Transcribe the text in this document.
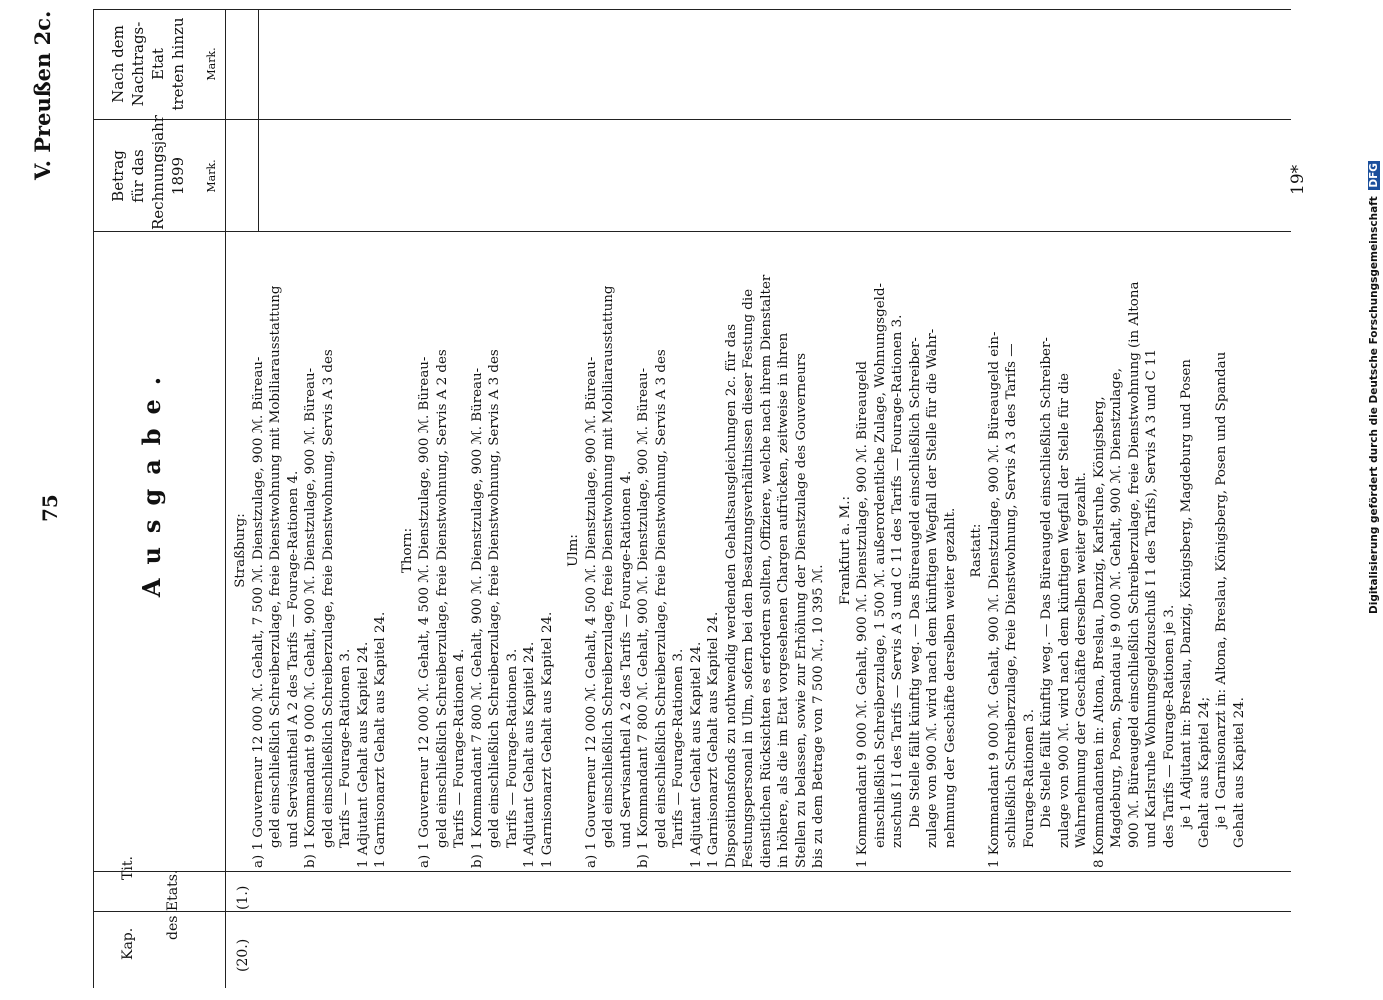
75
V. Preußen 2c.
Kap.
Tit.
des Etats.
Ausgabe.
Betrag für das Rechnungsjahr 1899 Mark.
Nach dem Nachtrags-Etat treten hinzu Mark.
(20.)
(1.)

Straßburg: a) 1 Gouverneur 12 000 ℳ. Gehalt, 7 500 ℳ. Dienstzulage, 900 ℳ. Büreau- geld einschließlich Schreiberzulage, freie Dienstwohnung mit Mobiliarausstattung und Servisantheil A 2 des Tarifs — Fourage-Rationen 4. b) 1 Kommandant 9 000 ℳ. Gehalt, 900 ℳ. Dienstzulage, 900 ℳ. Büreau- geld einschließlich Schreiberzulage, freie Dienstwohnung, Servis A 3 des Tarifs — Fourage-Rationen 3. 1 Adjutant Gehalt aus Kapitel 24. 1 Garnisonarzt Gehalt aus Kapitel 24.

Thorn: a) 1 Gouverneur 12 000 ℳ. Gehalt, 4 500 ℳ. Dienstzulage, 900 ℳ. Büreau- geld einschließlich Schreiberzulage, freie Dienstwohnung, Servis A 2 des Tarifs — Fourage-Rationen 4. b) 1 Kommandant 7 800 ℳ. Gehalt, 900 ℳ. Dienstzulage, 900 ℳ. Büreau- geld einschließlich Schreiberzulage, freie Dienstwohnung, Servis A 3 des Tarifs — Fourage-Rationen 3. 1 Adjutant Gehalt aus Kapitel 24. 1 Garnisonarzt Gehalt aus Kapitel 24.

Ulm: a) 1 Gouverneur 12 000 ℳ. Gehalt, 4 500 ℳ. Dienstzulage, 900 ℳ. Büreau- geld einschließlich Schreiberzulage, freie Dienstwohnung mit Mobiliarausstattung und Servisantheil A 2 des Tarifs — Fourage-Rationen 4. b) 1 Kommandant 7 800 ℳ. Gehalt, 900 ℳ. Dienstzulage, 900 ℳ. Büreau- geld einschließlich Schreiberzulage, freie Dienstwohnung, Servis A 3 des Tarifs — Fourage-Rationen 3. 1 Adjutant Gehalt aus Kapitel 24. 1 Garnisonarzt Gehalt aus Kapitel 24. Dispositionsfonds zu nothwendig werdenden Gehaltsausgleichungen 2c. für das Festungspersonal in Ulm, sofern bei den Besatzungsverhältnissen dieser Festung die dienstlichen Rücksichten es erfordern sollten, Offiziere, welche nach ihrem Dienstalter in höhere, als die im Etat vorgesehenen Chargen aufrücken, zeitweise in ihren Stellen zu belassen, sowie zur Erhöhung der Dienstzulage des Gouverneurs bis zu dem Betrage von 7 500 ℳ., 10 395 ℳ.

Frankfurt a. M.: 1 Kommandant 9 000 ℳ. Gehalt, 900 ℳ. Dienstzulage, 900 ℳ. Büreaugeld einschließlich Schreiberzulage, 1 500 ℳ. außerordentliche Zulage, Wohnungsgeld- zuschuß I I des Tarifs — Servis A 3 und C 11 des Tarifs — Fourage-Rationen 3. Die Stelle fällt künftig weg. — Das Büreaugeld einschließlich Schreiber- zulage von 900 ℳ. wird nach dem künftigen Wegfall der Stelle für die Wahr- nehmung der Geschäfte derselben weiter gezahlt. Rastatt: 1 Kommandant 9 000 ℳ. Gehalt, 900 ℳ. Dienstzulage, 900 ℳ. Büreaugeld ein- schließlich Schreiberzulage, freie Dienstwohnung, Servis A 3 des Tarifs — Fourage-Rationen 3. Die Stelle fällt künftig weg. — Das Büreaugeld einschließlich Schreiber- zulage von 900 ℳ. wird nach dem künftigen Wegfall der Stelle für die Wahrnehmung der Geschäfte derselben weiter gezahlt. 8 Kommandanten in: Altona, Breslau, Danzig, Karlsruhe, Königsberg, Magdeburg, Posen, Spandau je 9 000 ℳ. Gehalt, 900 ℳ. Dienstzulage, 900 ℳ. Büreaugeld einschließlich Schreiberzulage, freie Dienstwohnung (in Altona und Karlsruhe Wohnungsgeldzuschuß I 1 des Tarifs), Servis A 3 und C 11 des Tarifs — Fourage-Rationen je 3. je 1 Adjutant in: Breslau, Danzig, Königsberg, Magdeburg und Posen Gehalt aus Kapitel 24; je 1 Garnisonarzt in: Altona, Breslau, Königsberg, Posen und Spandau Gehalt aus Kapitel 24.

19*
Digitalisierung gefördert durch die Deutsche Forschungsgemeinschaft DFG
